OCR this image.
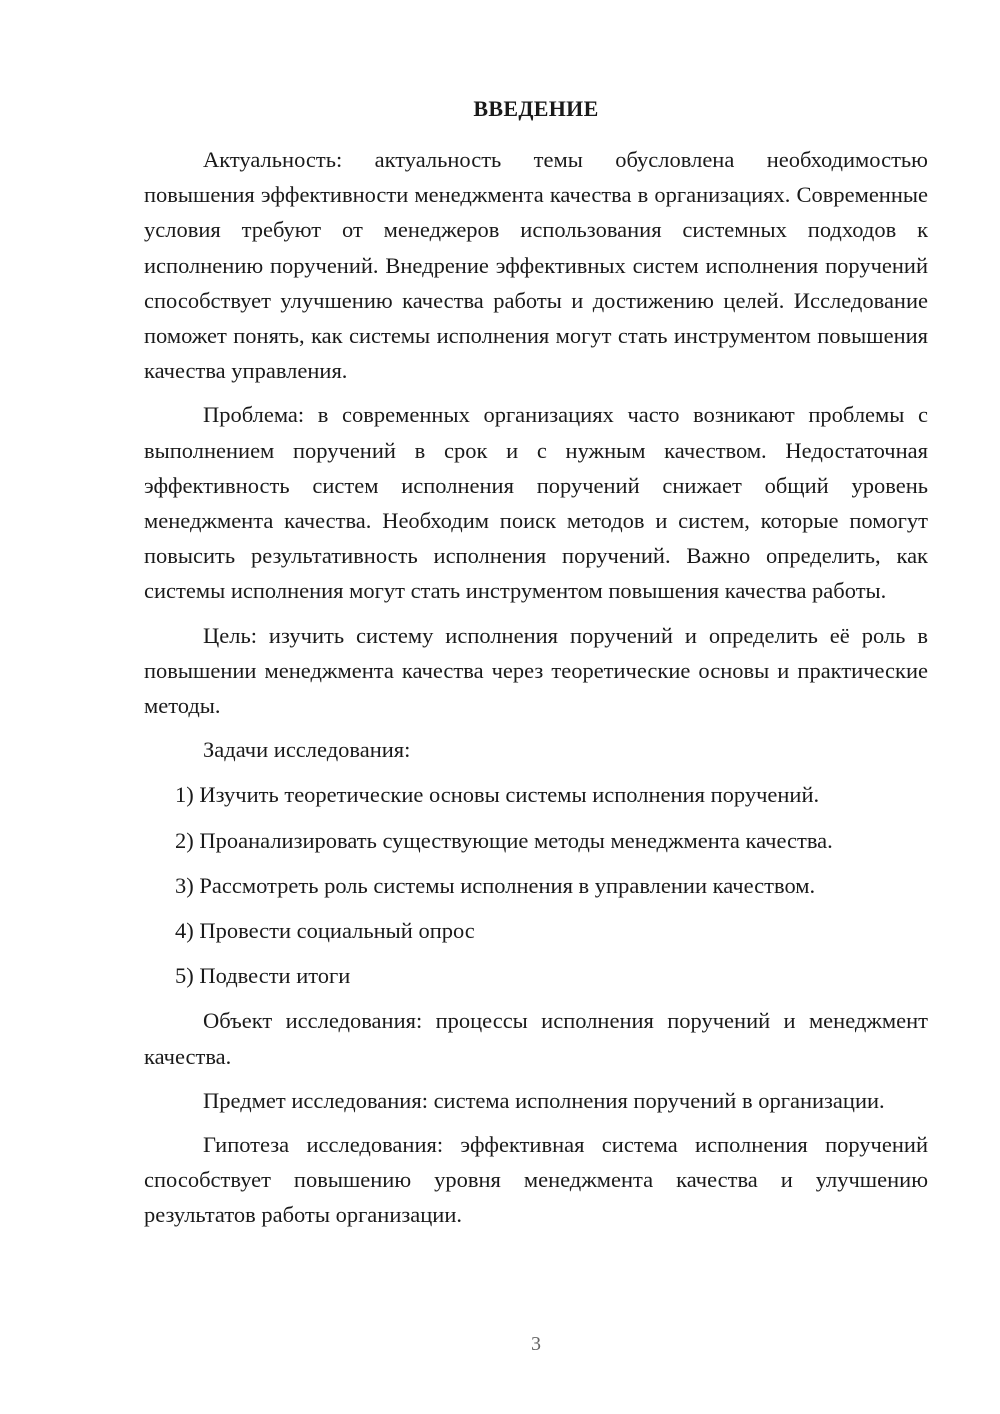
ВВЕДЕНИЕ

Актуальность: актуальность темы обусловлена необходимостью повышения эффективности менеджмента качества в организациях. Современные условия требуют от менеджеров использования системных подходов к исполнению поручений. Внедрение эффективных систем исполнения поручений способствует улучшению качества работы и достижению целей. Исследование поможет понять, как системы исполнения могут стать инструментом повышения качества управления.

Проблема: в современных организациях часто возникают проблемы с выполнением поручений в срок и с нужным качеством. Недостаточная эффективность систем исполнения поручений снижает общий уровень менеджмента качества. Необходим поиск методов и систем, которые помогут повысить результативность исполнения поручений. Важно определить, как системы исполнения могут стать инструментом повышения качества работы.

Цель: изучить систему исполнения поручений и определить её роль в повышении менеджмента качества через теоретические основы и практические методы.

Задачи исследования:

1) Изучить теоретические основы системы исполнения поручений.

2) Проанализировать существующие методы менеджмента качества.

3) Рассмотреть роль системы исполнения в управлении качеством.

4) Провести социальный опрос

5) Подвести итоги

Объект исследования: процессы исполнения поручений и менеджмент качества.

Предмет исследования: система исполнения поручений в организации.

Гипотеза исследования: эффективная система исполнения поручений способствует повышению уровня менеджмента качества и улучшению результатов работы организации.

3
